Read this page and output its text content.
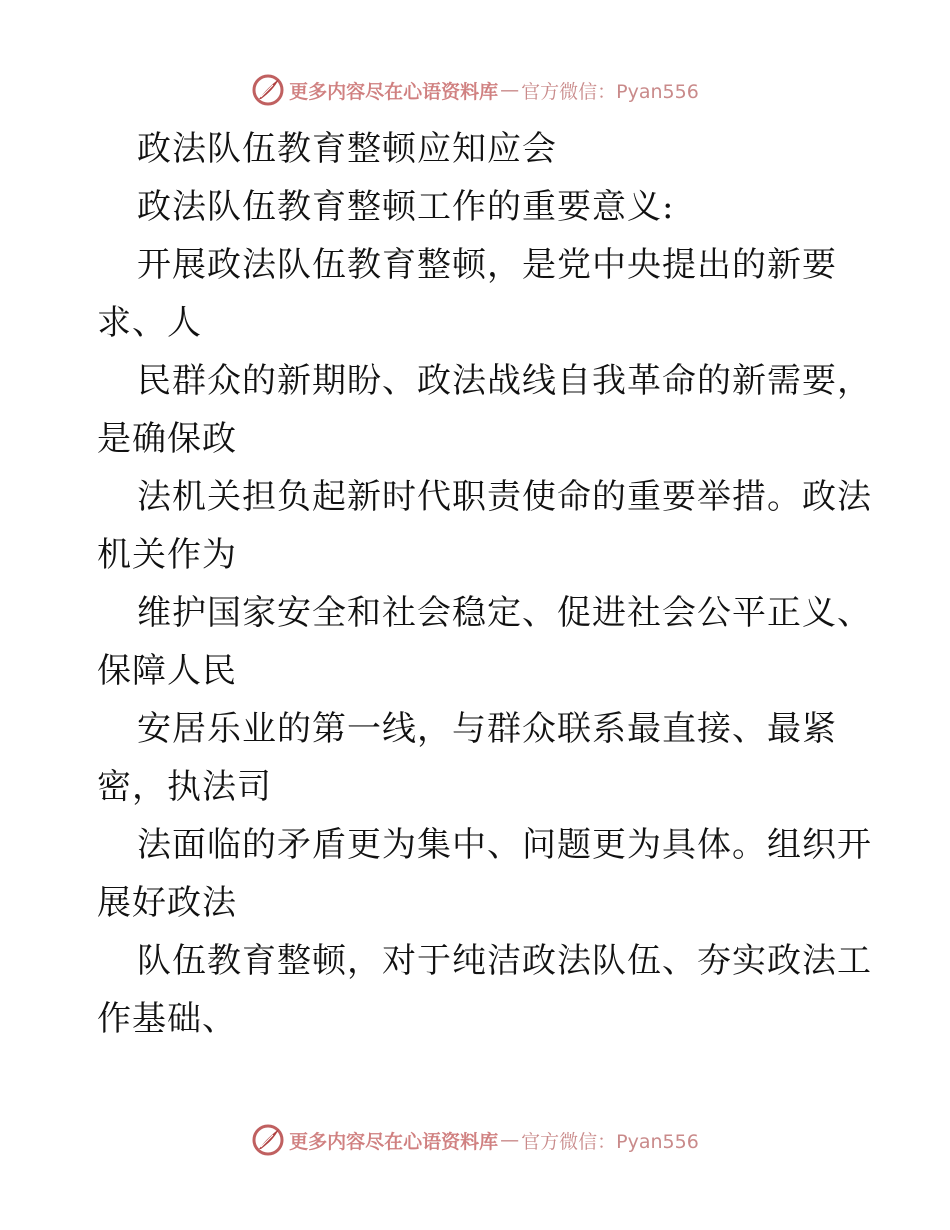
更多内容尽在心语资料库 — 官方微信：Pyan556
政法队伍教育整顿应知应会
政法队伍教育整顿工作的重要意义:
开展政法队伍教育整顿，是党中央提出的新要
求、人
民群众的新期盼、政法战线自我革命的新需要，
是确保政
法机关担负起新时代职责使命的重要举措。政法
机关作为
维护国家安全和社会稳定、促进社会公平正义、
保障人民
安居乐业的第一线，与群众联系最直接、最紧
密，执法司
法面临的矛盾更为集中、问题更为具体。组织开
展好政法
队伍教育整顿，对于纯洁政法队伍、夯实政法工
作基础、
更多内容尽在心语资料库 — 官方微信：Pyan556
